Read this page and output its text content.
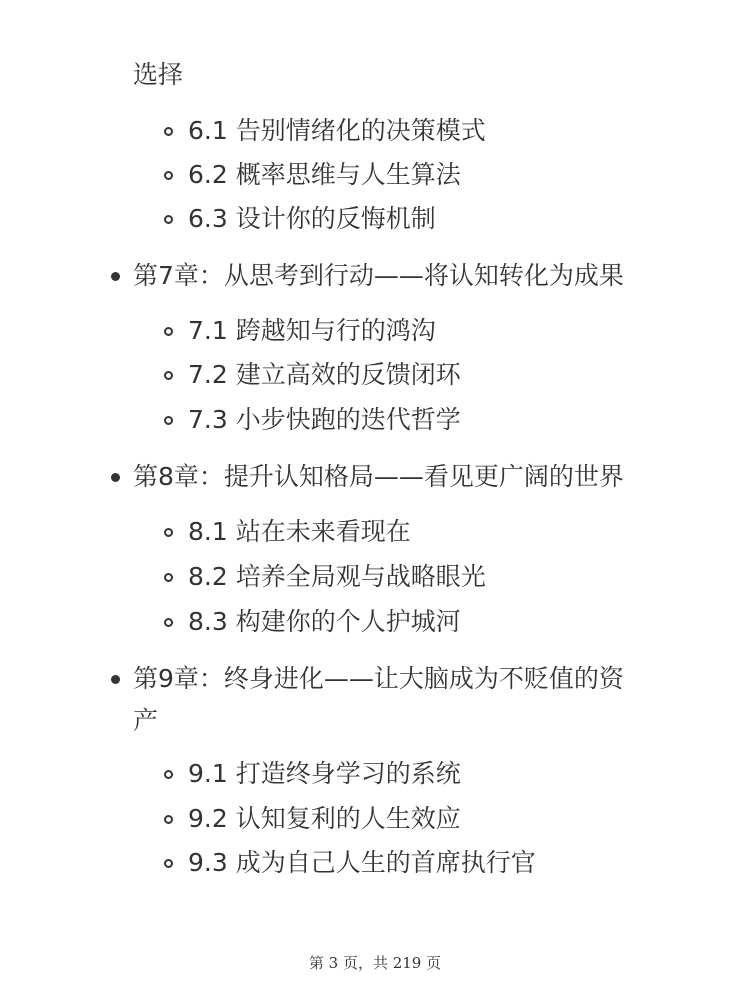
选择
6.1 告别情绪化的决策模式
6.2 概率思维与人生算法
6.3 设计你的反悔机制
第7章：从思考到行动——将认知转化为成果
7.1 跨越知与行的鸿沟
7.2 建立高效的反馈闭环
7.3 小步快跑的迭代哲学
第8章：提升认知格局——看见更广阔的世界
8.1 站在未来看现在
8.2 培养全局观与战略眼光
8.3 构建你的个人护城河
第9章：终身进化——让大脑成为不贬值的资
产
9.1 打造终身学习的系统
9.2 认知复利的人生效应
9.3 成为自己人生的首席执行官
第 3 页，共 219 页
